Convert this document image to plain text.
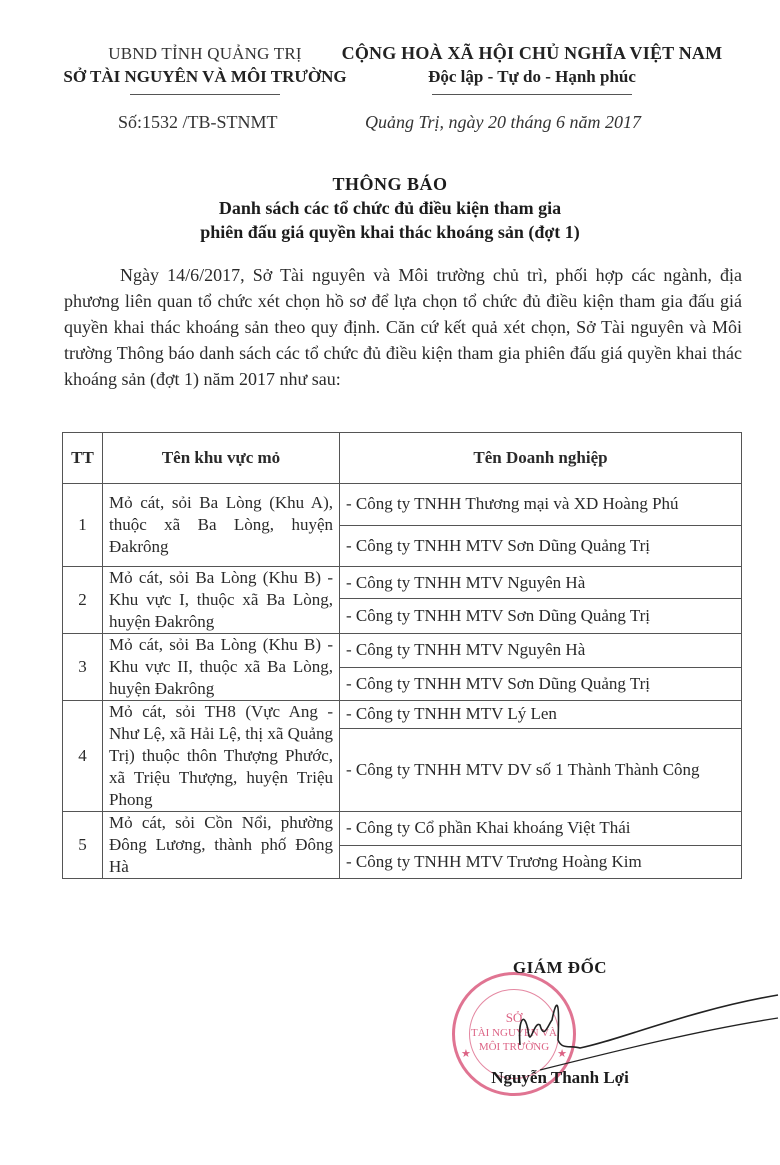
UBND TỈNH QUẢNG TRỊ
SỞ TÀI NGUYÊN VÀ MÔI TRƯỜNG
CỘNG HOÀ XÃ HỘI CHỦ NGHĨA VIỆT NAM
Độc lập - Tự do - Hạnh phúc
Số:1532 /TB-STNMT	Quảng Trị, ngày 20 tháng 6 năm 2017
THÔNG BÁO
Danh sách các tổ chức đủ điều kiện tham gia
phiên đấu giá quyền khai thác khoáng sản (đợt 1)
Ngày 14/6/2017, Sở Tài nguyên và Môi trường chủ trì, phối hợp các ngành, địa phương liên quan tổ chức xét chọn hồ sơ để lựa chọn tổ chức đủ điều kiện tham gia đấu giá quyền khai thác khoáng sản theo quy định. Căn cứ kết quả xét chọn, Sở Tài nguyên và Môi trường Thông báo danh sách các tổ chức đủ điều kiện tham gia phiên đấu giá quyền khai thác khoáng sản (đợt 1) năm 2017 như sau:
TT	Tên khu vực mỏ	Tên Doanh nghiệp
1	Mỏ cát, sỏi Ba Lòng (Khu A), thuộc xã Ba Lòng, huyện Đakrông	- Công ty TNHH Thương mại và XD Hoàng Phú
		- Công ty TNHH MTV Sơn Dũng Quảng Trị
2	Mỏ cát, sỏi Ba Lòng (Khu B) - Khu vực I, thuộc xã Ba Lòng, huyện Đakrông	- Công ty TNHH MTV Nguyên Hà
		- Công ty TNHH MTV Sơn Dũng Quảng Trị
3	Mỏ cát, sỏi Ba Lòng (Khu B) - Khu vực II, thuộc xã Ba Lòng, huyện Đakrông	- Công ty TNHH MTV Nguyên Hà
		- Công ty TNHH MTV Sơn Dũng Quảng Trị
4	Mỏ cát, sỏi TH8 (Vực Ang - Như Lệ, xã Hải Lệ, thị xã Quảng Trị) thuộc thôn Thượng Phước, xã Triệu Thượng, huyện Triệu Phong	- Công ty TNHH MTV Lý Len
		- Công ty TNHH MTV DV số 1 Thành Thành Công
5	Mỏ cát, sỏi Cồn Nổi, phường Đông Lương, thành phố Đông Hà	- Công ty Cổ phần Khai khoáng Việt Thái
		- Công ty TNHH MTV Trương Hoàng Kim
SỞ
TÀI NGUYÊN VÀ
MÔI TRƯỜNG
★	★
GIÁM ĐỐC
Nguyễn Thanh Lợi
